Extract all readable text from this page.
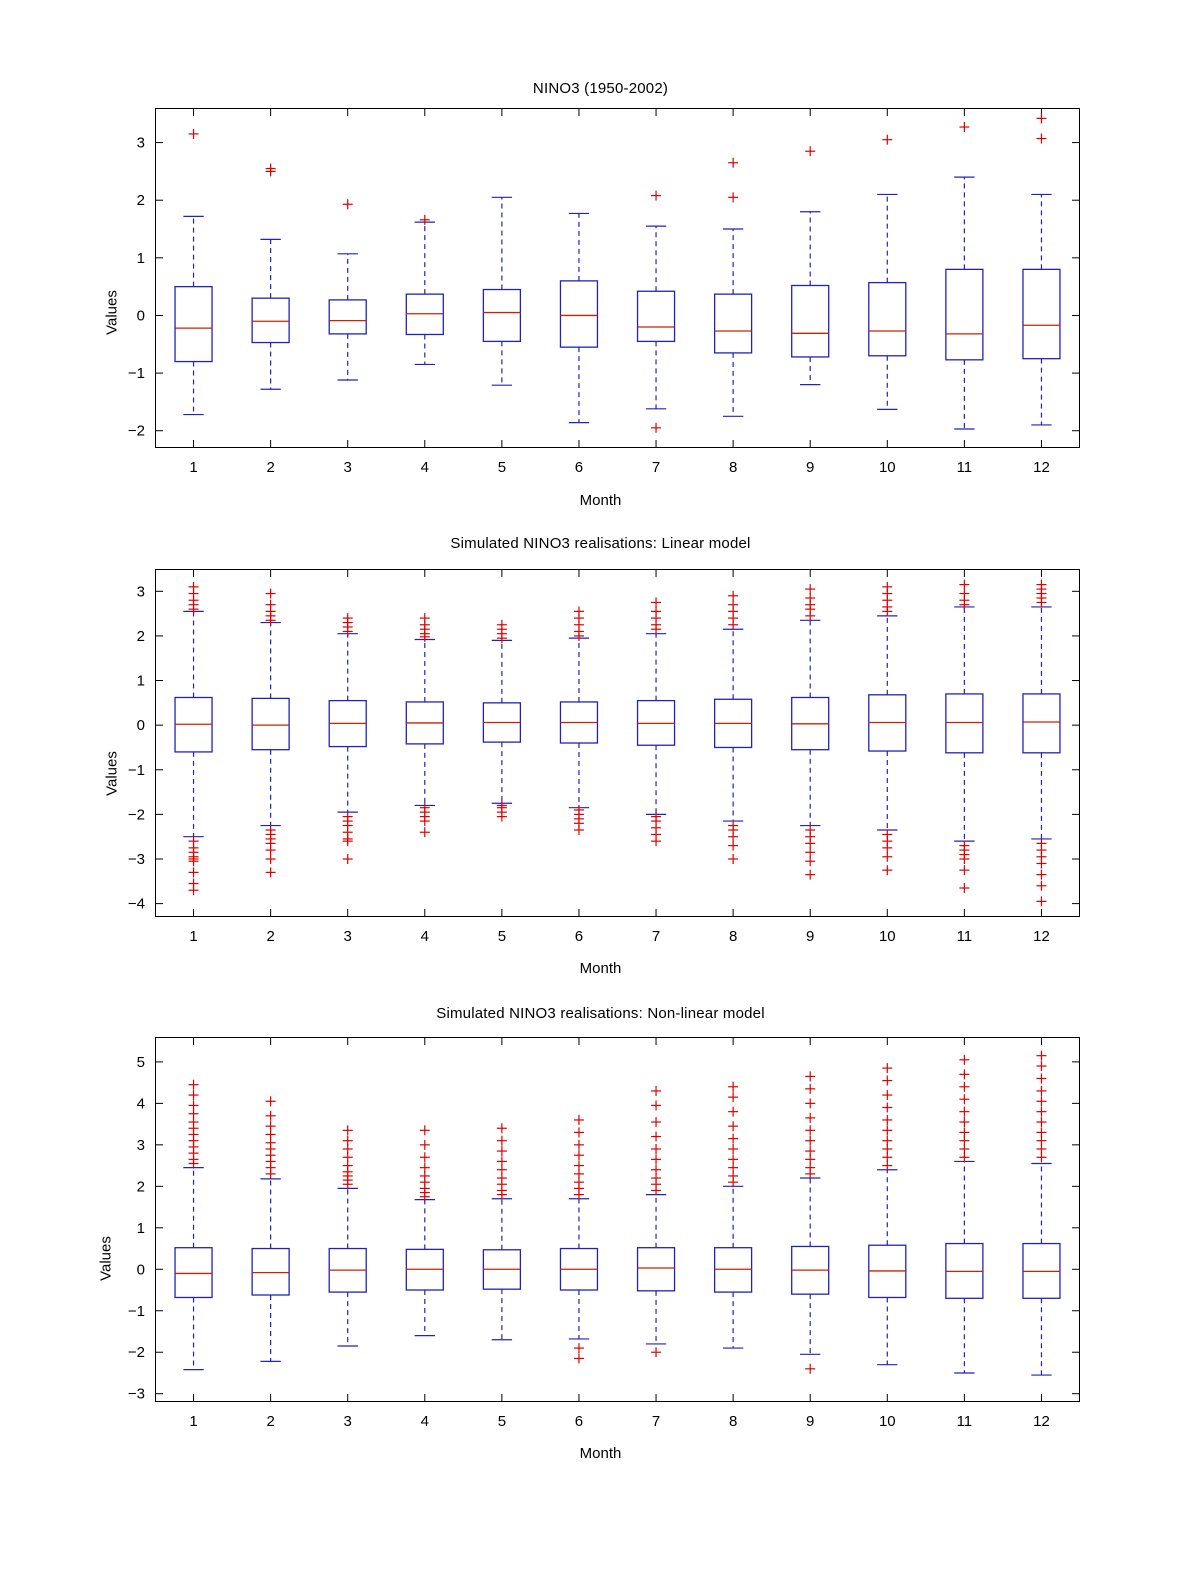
NINO3 (1950-2002)
Values
Month
−2
−1
0
1
2
3
1	2	3	4	5	6	7	8	9	10	11	12
Simulated NINO3 realisations: Linear model
Values
Month
−4
−3
−2
−1
0
1
2
3
1	2	3	4	5	6	7	8	9	10	11	12
Simulated NINO3 realisations: Non-linear model
Values
Month
−3
−2
−1
0
1
2
3
4
5
1	2	3	4	5	6	7	8	9	10	11	12
